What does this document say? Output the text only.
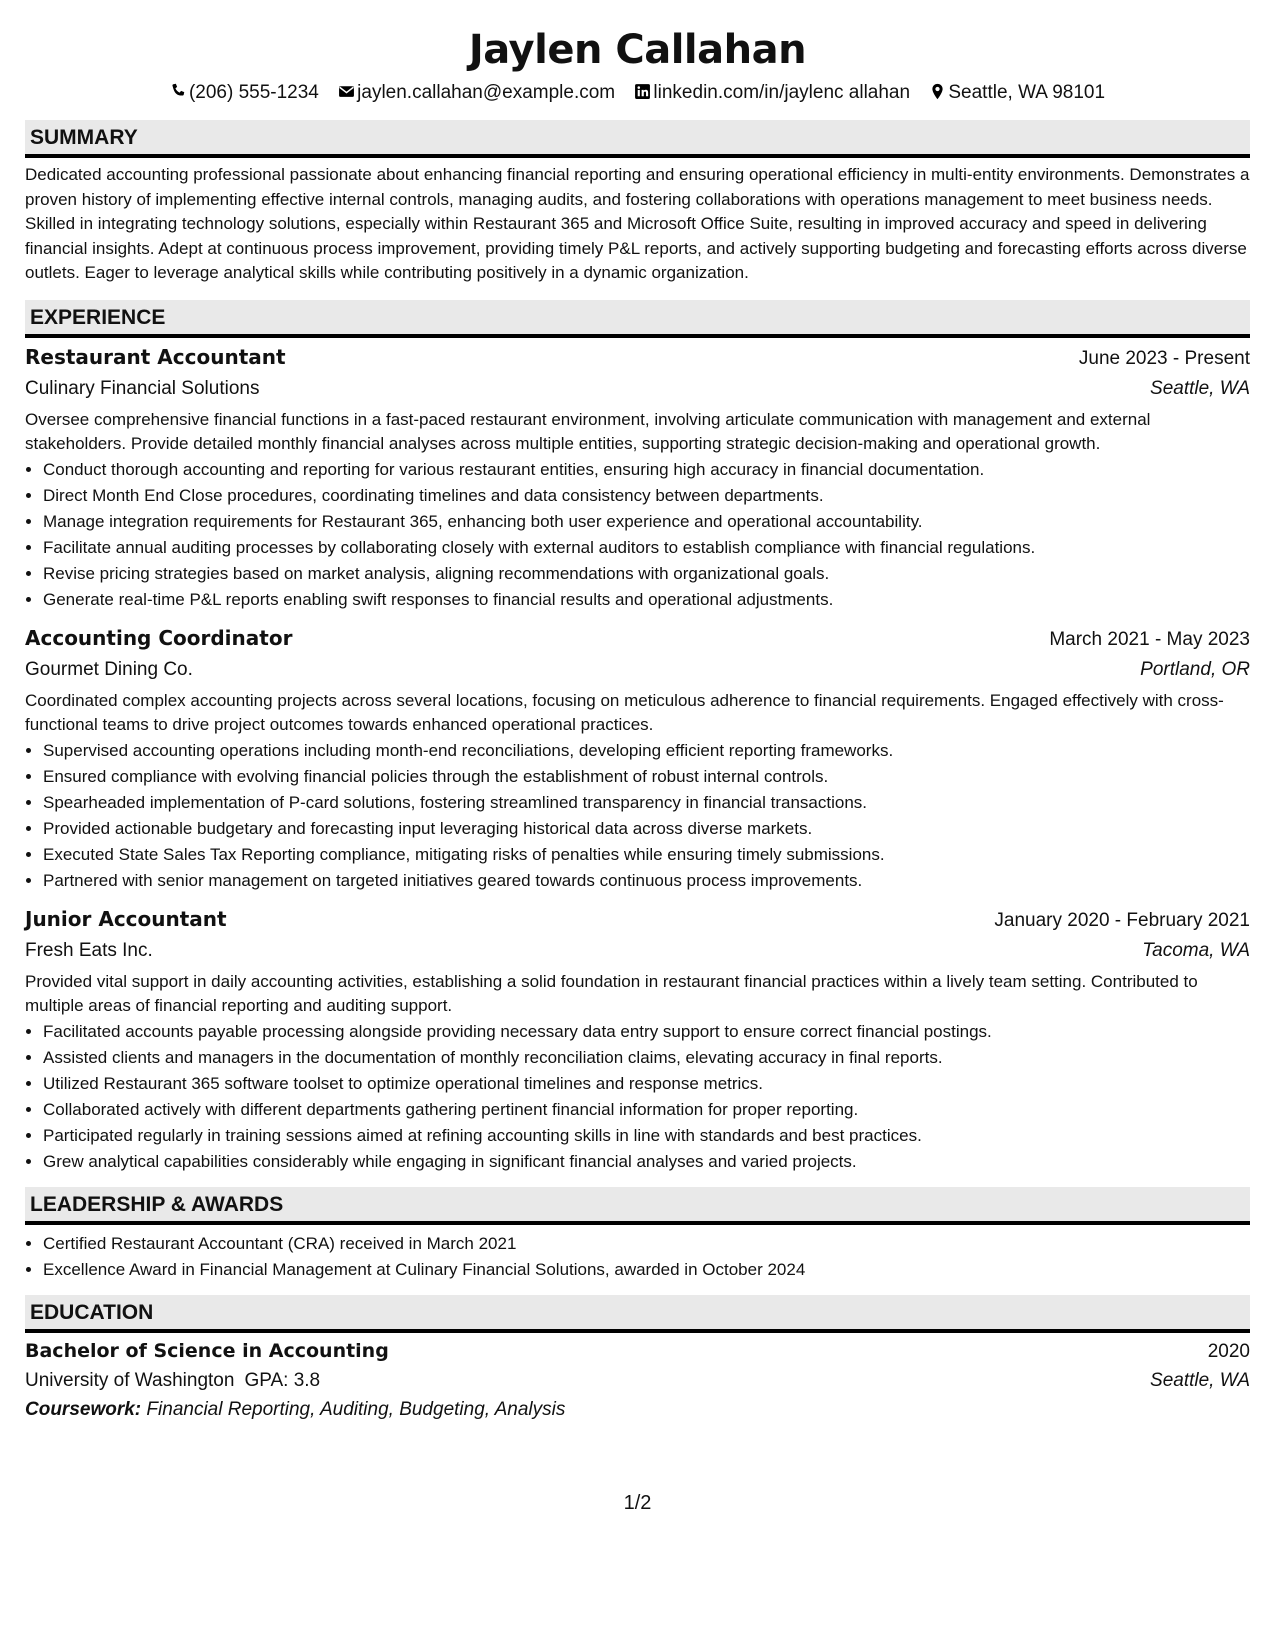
Jaylen Callahan
(206) 555-1234 jaylen.callahan@example.com linkedin.com/in/jaylenc allahan Seattle, WA 98101
SUMMARY

Dedicated accounting professional passionate about enhancing financial reporting and ensuring operational efficiency in multi-entity environments. Demonstrates a proven history of implementing effective internal controls, managing audits, and fostering collaborations with operations management to meet business needs. Skilled in integrating technology solutions, especially within Restaurant 365 and Microsoft Office Suite, resulting in improved accuracy and speed in delivering financial insights. Adept at continuous process improvement, providing timely P&L reports, and actively supporting budgeting and forecasting efforts across diverse outlets. Eager to leverage analytical skills while contributing positively in a dynamic organization.

EXPERIENCE
Restaurant Accountant	June 2023 - Present
Culinary Financial Solutions	Seattle, WA

Oversee comprehensive financial functions in a fast-paced restaurant environment, involving articulate communication with management and external stakeholders. Provide detailed monthly financial analyses across multiple entities, supporting strategic decision-making and operational growth.

• Conduct thorough accounting and reporting for various restaurant entities, ensuring high accuracy in financial documentation.
• Direct Month End Close procedures, coordinating timelines and data consistency between departments.
• Manage integration requirements for Restaurant 365, enhancing both user experience and operational accountability.
• Facilitate annual auditing processes by collaborating closely with external auditors to establish compliance with financial regulations.
• Revise pricing strategies based on market analysis, aligning recommendations with organizational goals.
• Generate real-time P&L reports enabling swift responses to financial results and operational adjustments.
Accounting Coordinator	March 2021 - May 2023
Gourmet Dining Co.	Portland, OR

Coordinated complex accounting projects across several locations, focusing on meticulous adherence to financial requirements. Engaged effectively with cross-functional teams to drive project outcomes towards enhanced operational practices.

• Supervised accounting operations including month-end reconciliations, developing efficient reporting frameworks.
• Ensured compliance with evolving financial policies through the establishment of robust internal controls.
• Spearheaded implementation of P-card solutions, fostering streamlined transparency in financial transactions.
• Provided actionable budgetary and forecasting input leveraging historical data across diverse markets.
• Executed State Sales Tax Reporting compliance, mitigating risks of penalties while ensuring timely submissions.
• Partnered with senior management on targeted initiatives geared towards continuous process improvements.
Junior Accountant	January 2020 - February 2021
Fresh Eats Inc.	Tacoma, WA

Provided vital support in daily accounting activities, establishing a solid foundation in restaurant financial practices within a lively team setting. Contributed to multiple areas of financial reporting and auditing support.

• Facilitated accounts payable processing alongside providing necessary data entry support to ensure correct financial postings.
• Assisted clients and managers in the documentation of monthly reconciliation claims, elevating accuracy in final reports.
• Utilized Restaurant 365 software toolset to optimize operational timelines and response metrics.
• Collaborated actively with different departments gathering pertinent financial information for proper reporting.
• Participated regularly in training sessions aimed at refining accounting skills in line with standards and best practices.
• Grew analytical capabilities considerably while engaging in significant financial analyses and varied projects.
LEADERSHIP & AWARDS
• Certified Restaurant Accountant (CRA) received in March 2021
• Excellence Award in Financial Management at Culinary Financial Solutions, awarded in October 2024
EDUCATION
Bachelor of Science in Accounting	2020
University of Washington GPA: 3.8	Seattle, WA
Coursework: Financial Reporting, Auditing, Budgeting, Analysis
1/2
